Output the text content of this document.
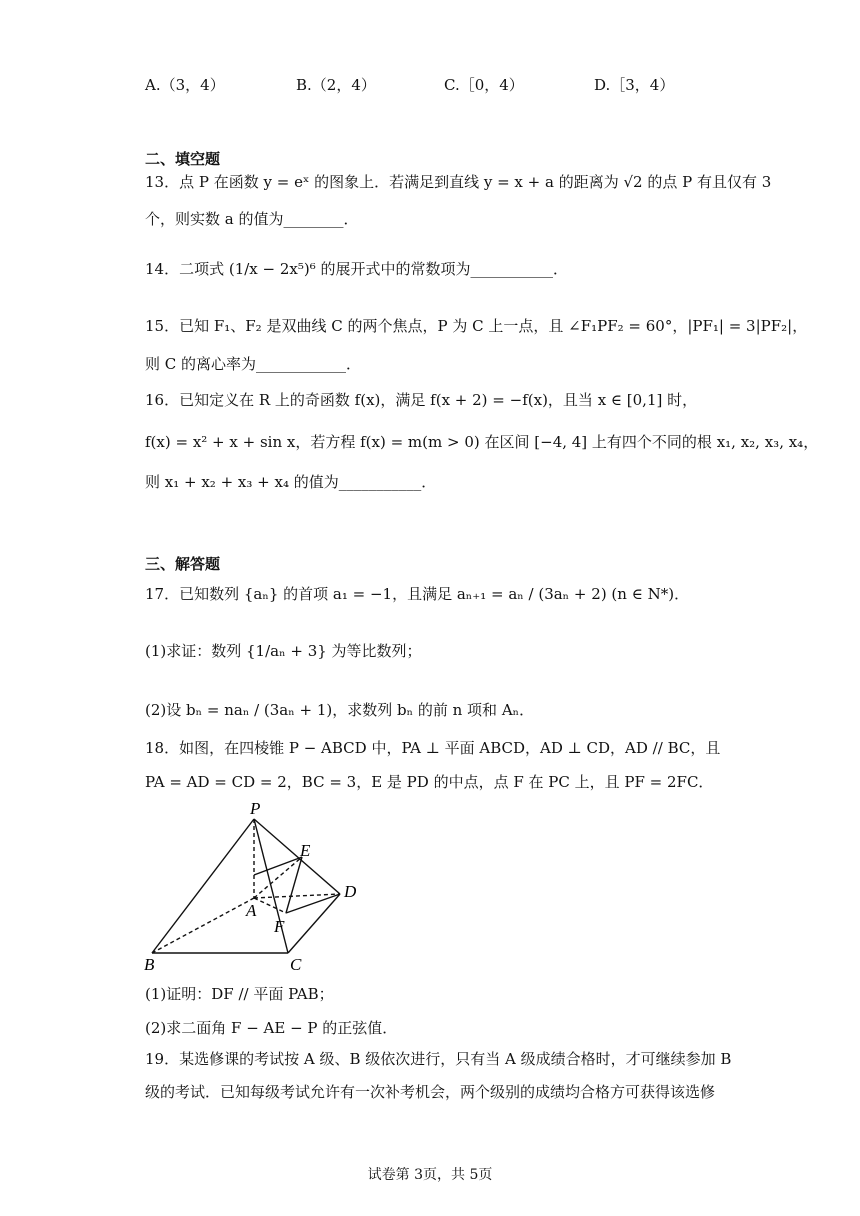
A.（3，4）	B.（2，4）	C.［0，4）	D.［3，4）
二、填空题
13．点 P 在函数 y = eˣ 的图象上．若满足到直线 y = x + a 的距离为 √2 的点 P 有且仅有 3
个，则实数 a 的值为________．
14．二项式 (1/x − 2x⁵)⁶ 的展开式中的常数项为___________．
15．已知 F₁、F₂ 是双曲线 C 的两个焦点，P 为 C 上一点，且 ∠F₁PF₂ = 60°，|PF₁| = 3|PF₂|，
则 C 的离心率为____________．
16．已知定义在 R 上的奇函数 f(x)，满足 f(x + 2) = −f(x)，且当 x ∈ [0,1] 时，
f(x) = x² + x + sin x，若方程 f(x) = m(m > 0) 在区间 [−4, 4] 上有四个不同的根 x₁, x₂, x₃, x₄，
则 x₁ + x₂ + x₃ + x₄ 的值为___________．
三、解答题
17．已知数列 {aₙ} 的首项 a₁ = −1，且满足 aₙ₊₁ = aₙ / (3aₙ + 2) (n ∈ N*)．
(1)求证：数列 {1/aₙ + 3} 为等比数列；
(2)设 bₙ = naₙ / (3aₙ + 1)，求数列 bₙ 的前 n 项和 Aₙ．
18．如图，在四棱锥 P − ABCD 中，PA ⊥ 平面 ABCD，AD ⊥ CD，AD // BC，且
PA = AD = CD = 2，BC = 3，E 是 PD 的中点，点 F 在 PC 上，且 PF = 2FC．
P
E
D
A
F
B	C
(1)证明：DF // 平面 PAB；
(2)求二面角 F − AE − P 的正弦值．
19．某选修课的考试按 A 级、B 级依次进行，只有当 A 级成绩合格时，才可继续参加 B
级的考试．已知每级考试允许有一次补考机会，两个级别的成绩均合格方可获得该选修
试卷第 3页，共 5页
